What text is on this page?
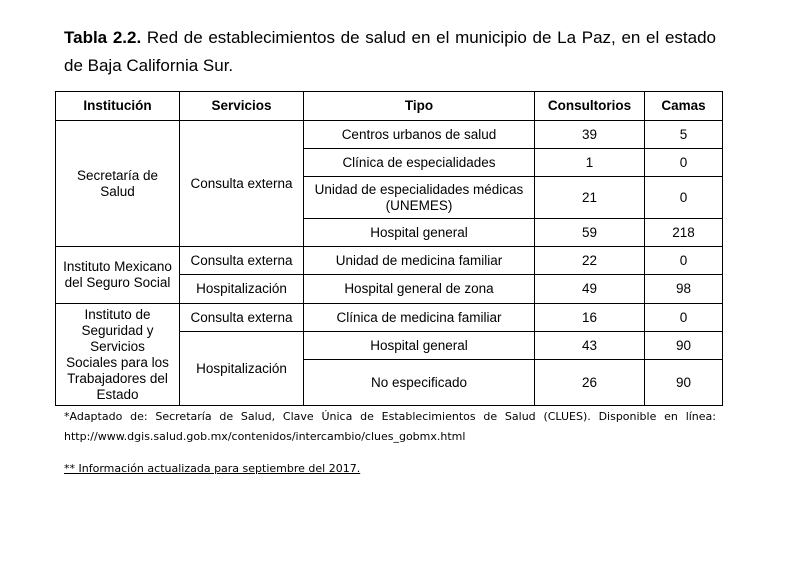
Tabla 2.2. Red de establecimientos de salud en el municipio de La Paz, en el estado de Baja California Sur.
Institución	Servicios	Tipo	Consultorios	Camas
Secretaría de Salud	Consulta externa	Centros urbanos de salud	39	5
		Clínica de especialidades	1	0
		Unidad de especialidades médicas (UNEMES)	21	0
		Hospital general	59	218
Instituto Mexicano del Seguro Social	Consulta externa	Unidad de medicina familiar	22	0
	Hospitalización	Hospital general de zona	49	98
Instituto de Seguridad y Servicios Sociales para los Trabajadores del Estado	Consulta externa	Clínica de medicina familiar	16	0
	Hospitalización	Hospital general	43	90
		No especificado	26	90
*Adaptado de: Secretaría de Salud, Clave Única de Establecimientos de Salud (CLUES). Disponible en línea: http://www.dgis.salud.gob.mx/contenidos/intercambio/clues_gobmx.html
** Información actualizada para septiembre del 2017.
